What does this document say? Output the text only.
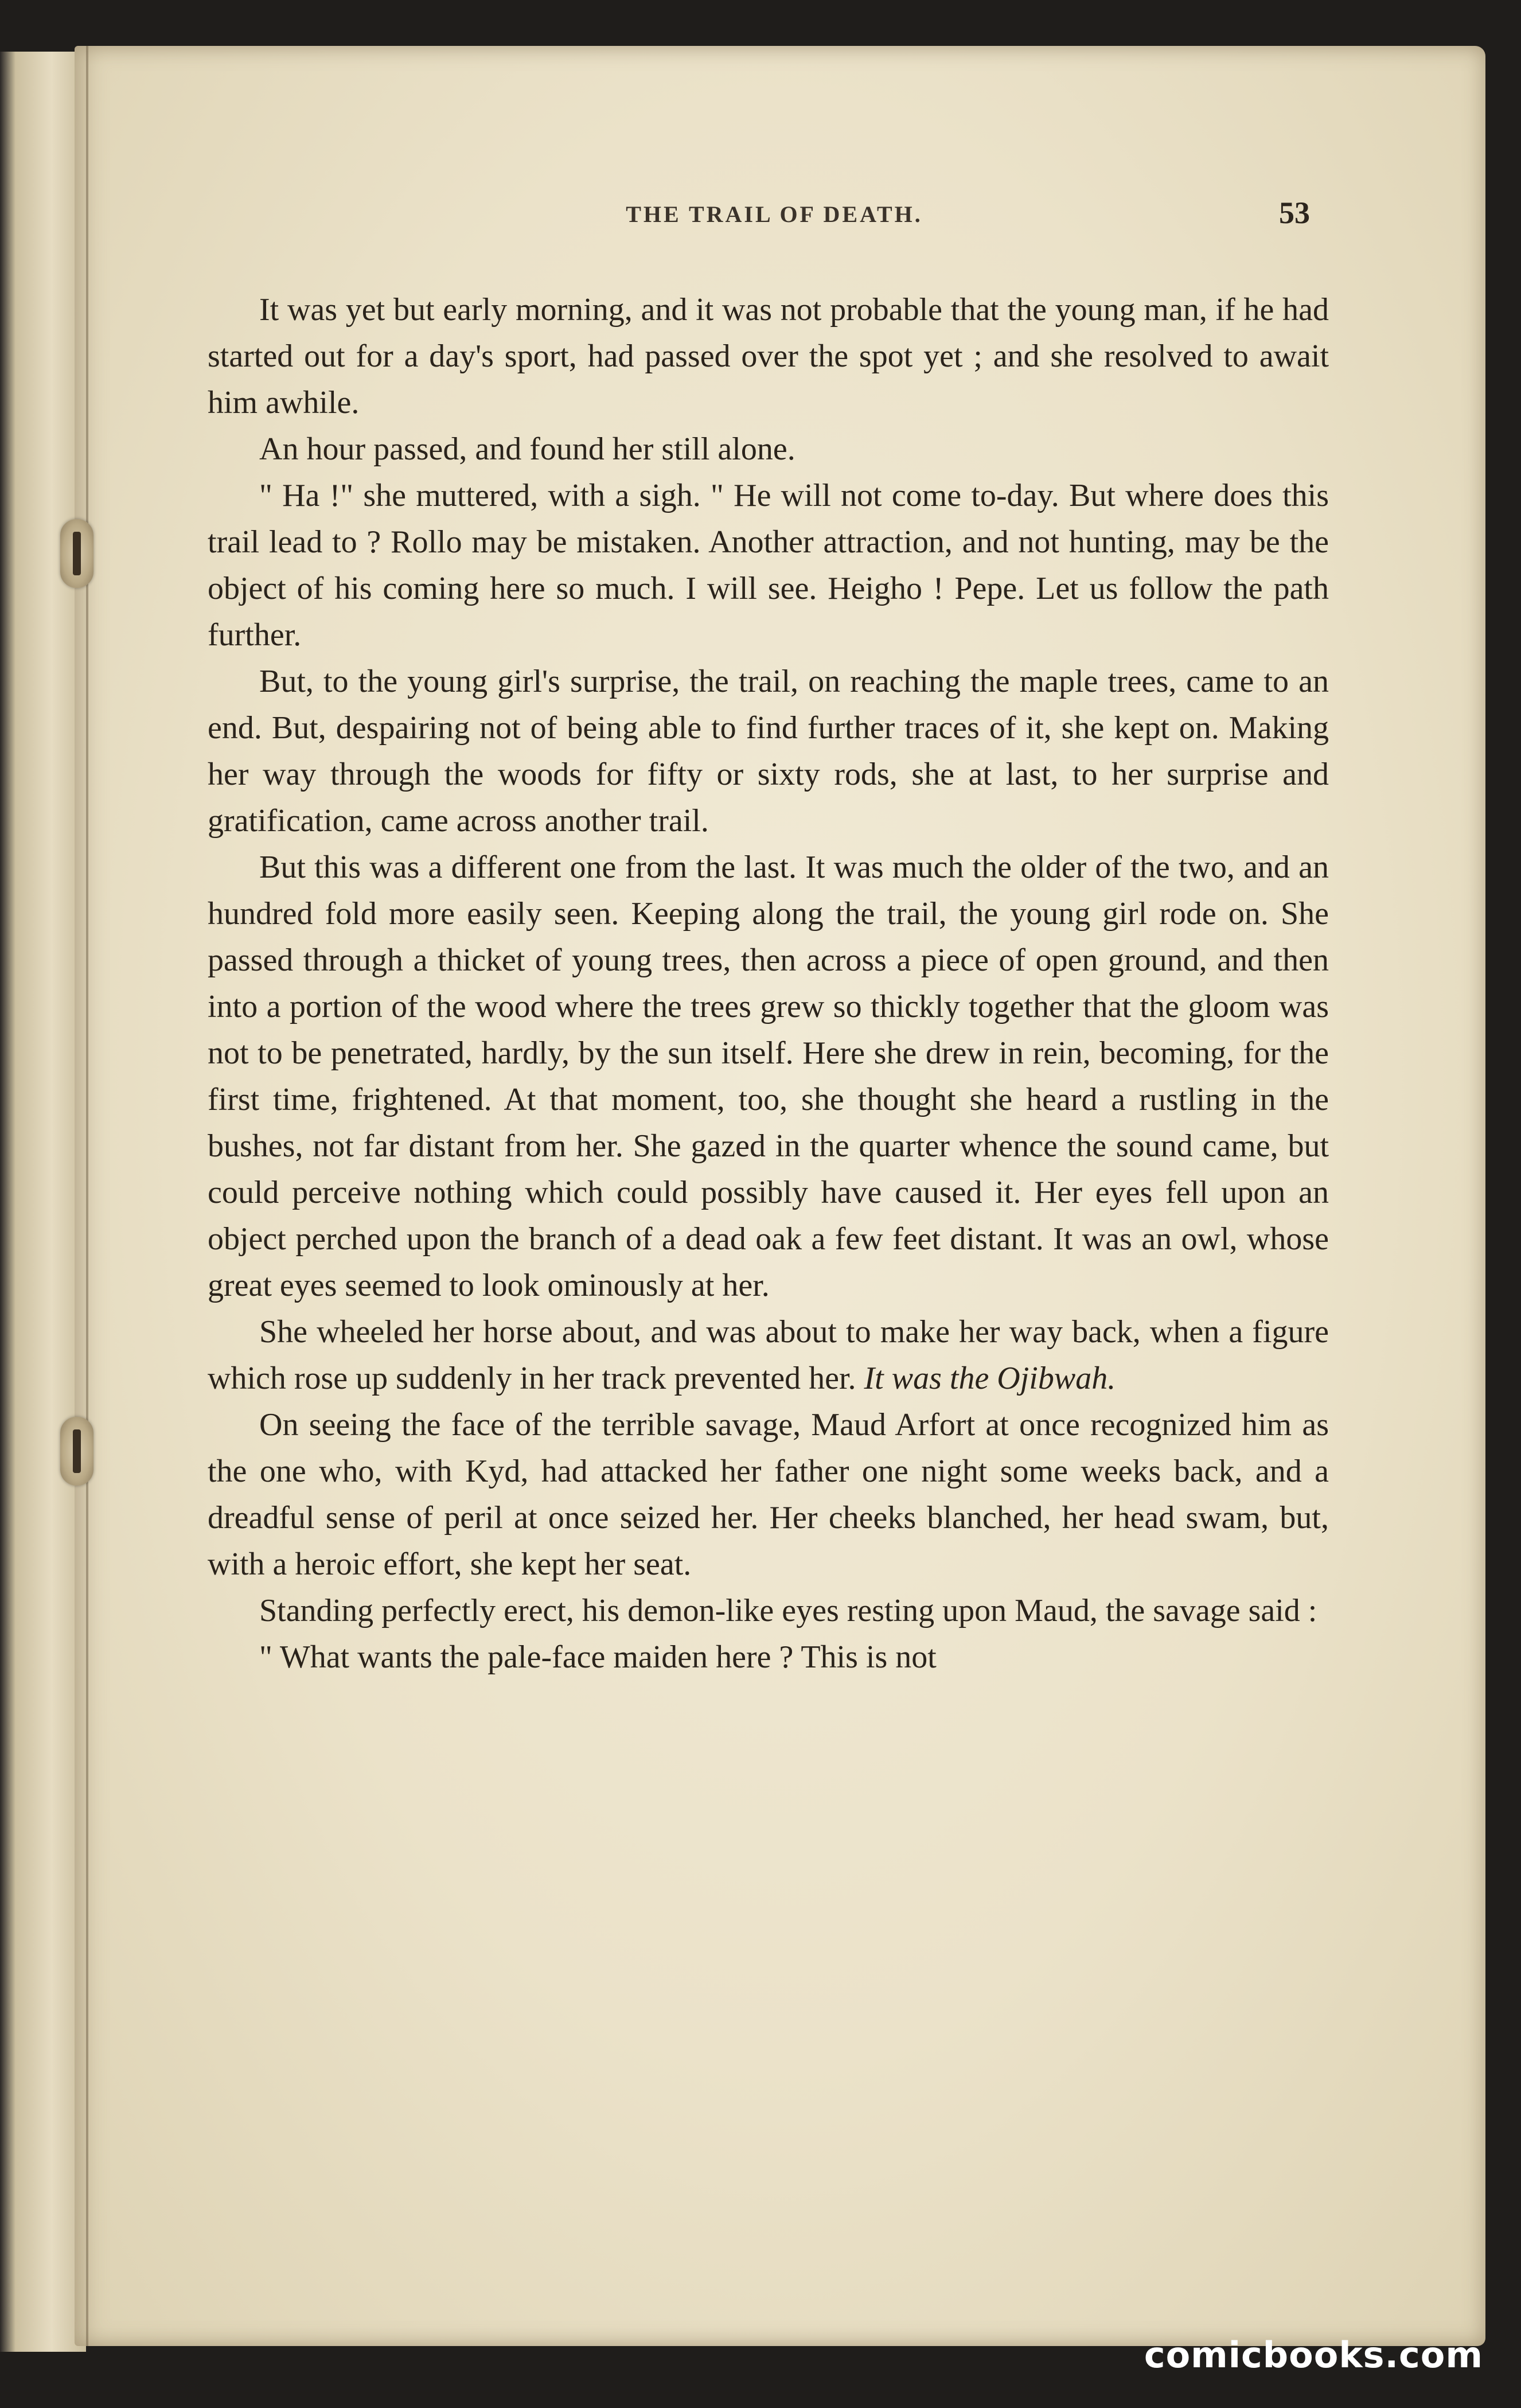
THE TRAIL OF DEATH.	53

It was yet but early morning, and it was not probable that the young man, if he had started out for a day's sport, had passed over the spot yet ; and she resolved to await him awhile.

An hour passed, and found her still alone.

" Ha !" she muttered, with a sigh. " He will not come to-day. But where does this trail lead to ? Rollo may be mistaken. Another attraction, and not hunting, may be the object of his coming here so much. I will see. Heigho ! Pepe. Let us follow the path further.

But, to the young girl's surprise, the trail, on reaching the maple trees, came to an end. But, despairing not of being able to find further traces of it, she kept on. Making her way through the woods for fifty or sixty rods, she at last, to her surprise and gratification, came across another trail.

But this was a different one from the last. It was much the older of the two, and an hundred fold more easily seen. Keeping along the trail, the young girl rode on. She passed through a thicket of young trees, then across a piece of open ground, and then into a portion of the wood where the trees grew so thickly together that the gloom was not to be penetrated, hardly, by the sun itself. Here she drew in rein, becoming, for the first time, frightened. At that moment, too, she thought she heard a rustling in the bushes, not far distant from her. She gazed in the quarter whence the sound came, but could perceive nothing which could possibly have caused it. Her eyes fell upon an object perched upon the branch of a dead oak a few feet distant. It was an owl, whose great eyes seemed to look ominously at her.

She wheeled her horse about, and was about to make her way back, when a figure which rose up suddenly in her track prevented her. It was the Ojibwah.

On seeing the face of the terrible savage, Maud Arfort at once recognized him as the one who, with Kyd, had attacked her father one night some weeks back, and a dreadful sense of peril at once seized her. Her cheeks blanched, her head swam, but, with a heroic effort, she kept her seat.

Standing perfectly erect, his demon-like eyes resting upon Maud, the savage said :

" What wants the pale-face maiden here ? This is not

comicbooks.com
